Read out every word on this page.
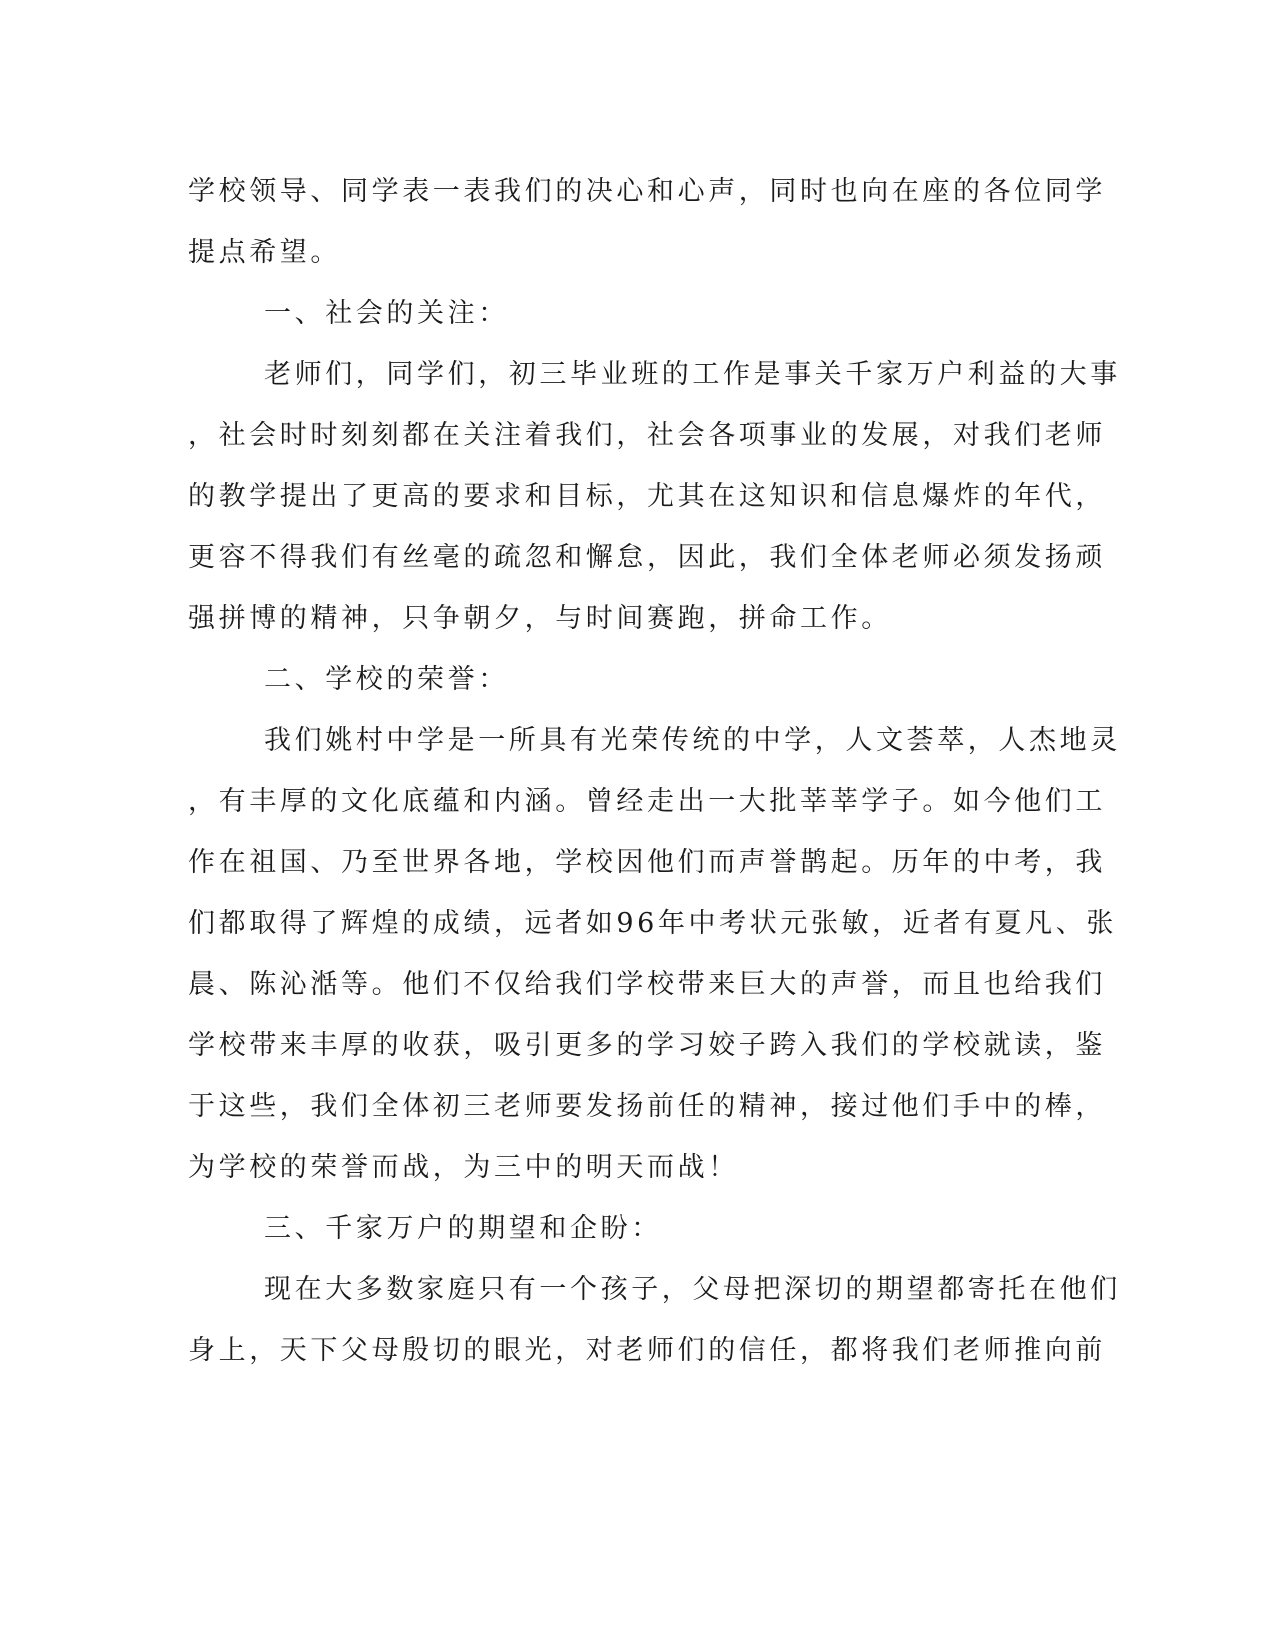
学校领导、同学表一表我们的决心和心声，同时也向在座的各位同学
提点希望。
一、社会的关注：
老师们，同学们，初三毕业班的工作是事关千家万户利益的大事
，社会时时刻刻都在关注着我们，社会各项事业的发展，对我们老师
的教学提出了更高的要求和目标，尤其在这知识和信息爆炸的年代，
更容不得我们有丝毫的疏忽和懈怠，因此，我们全体老师必须发扬顽
强拼博的精神，只争朝夕，与时间赛跑，拼命工作。
二、学校的荣誉：
我们姚村中学是一所具有光荣传统的中学，人文荟萃，人杰地灵
，有丰厚的文化底蕴和内涵。曾经走出一大批莘莘学子。如今他们工
作在祖国、乃至世界各地，学校因他们而声誉鹊起。历年的中考，我
们都取得了辉煌的成绩，远者如96年中考状元张敏，近者有夏凡、张
晨、陈沁湉等。他们不仅给我们学校带来巨大的声誉，而且也给我们
学校带来丰厚的收获，吸引更多的学习姣子跨入我们的学校就读，鉴
于这些，我们全体初三老师要发扬前任的精神，接过他们手中的棒，
为学校的荣誉而战，为三中的明天而战！
三、千家万户的期望和企盼：
现在大多数家庭只有一个孩子，父母把深切的期望都寄托在他们
身上，天下父母殷切的眼光，对老师们的信任，都将我们老师推向前
